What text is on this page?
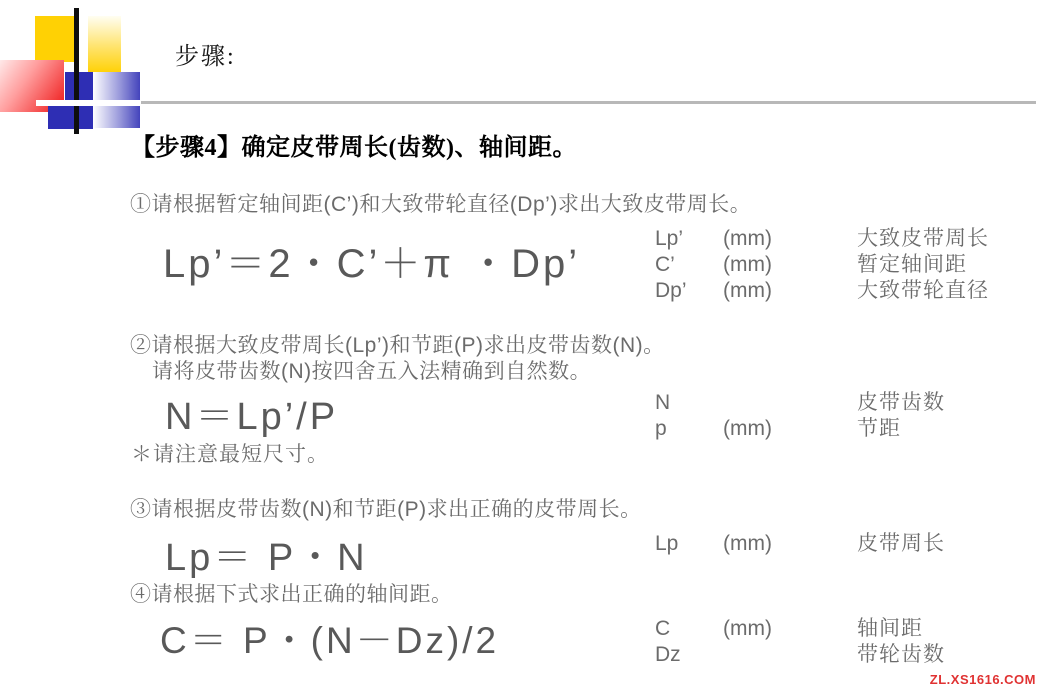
步骤:
【步骤4】确定皮带周长(齿数)、轴间距。
①请根据暂定轴间距(C’)和大致带轮直径(Dp’)求出大致皮带周长。
Lp’＝2・C’＋π ・Dp’
Lp’	(mm)	大致皮带周长
C’	(mm)	暂定轴间距
Dp’	(mm)	大致带轮直径
②请根据大致皮带周长(Lp’)和节距(P)求出皮带齿数(N)。
请将皮带齿数(N)按四舍五入法精确到自然数。
N＝Lp’/P	N	皮带齿数
p	(mm)	节距
＊请注意最短尺寸。
③请根据皮带齿数(N)和节距(P)求出正确的皮带周长。
Lp＝ P・N	Lp	(mm)	皮带周长
④请根据下式求出正确的轴间距。
C＝ P・(N－Dz)/2	C	(mm)	轴间距
Dz	带轮齿数
ZL.XS1616.COM
